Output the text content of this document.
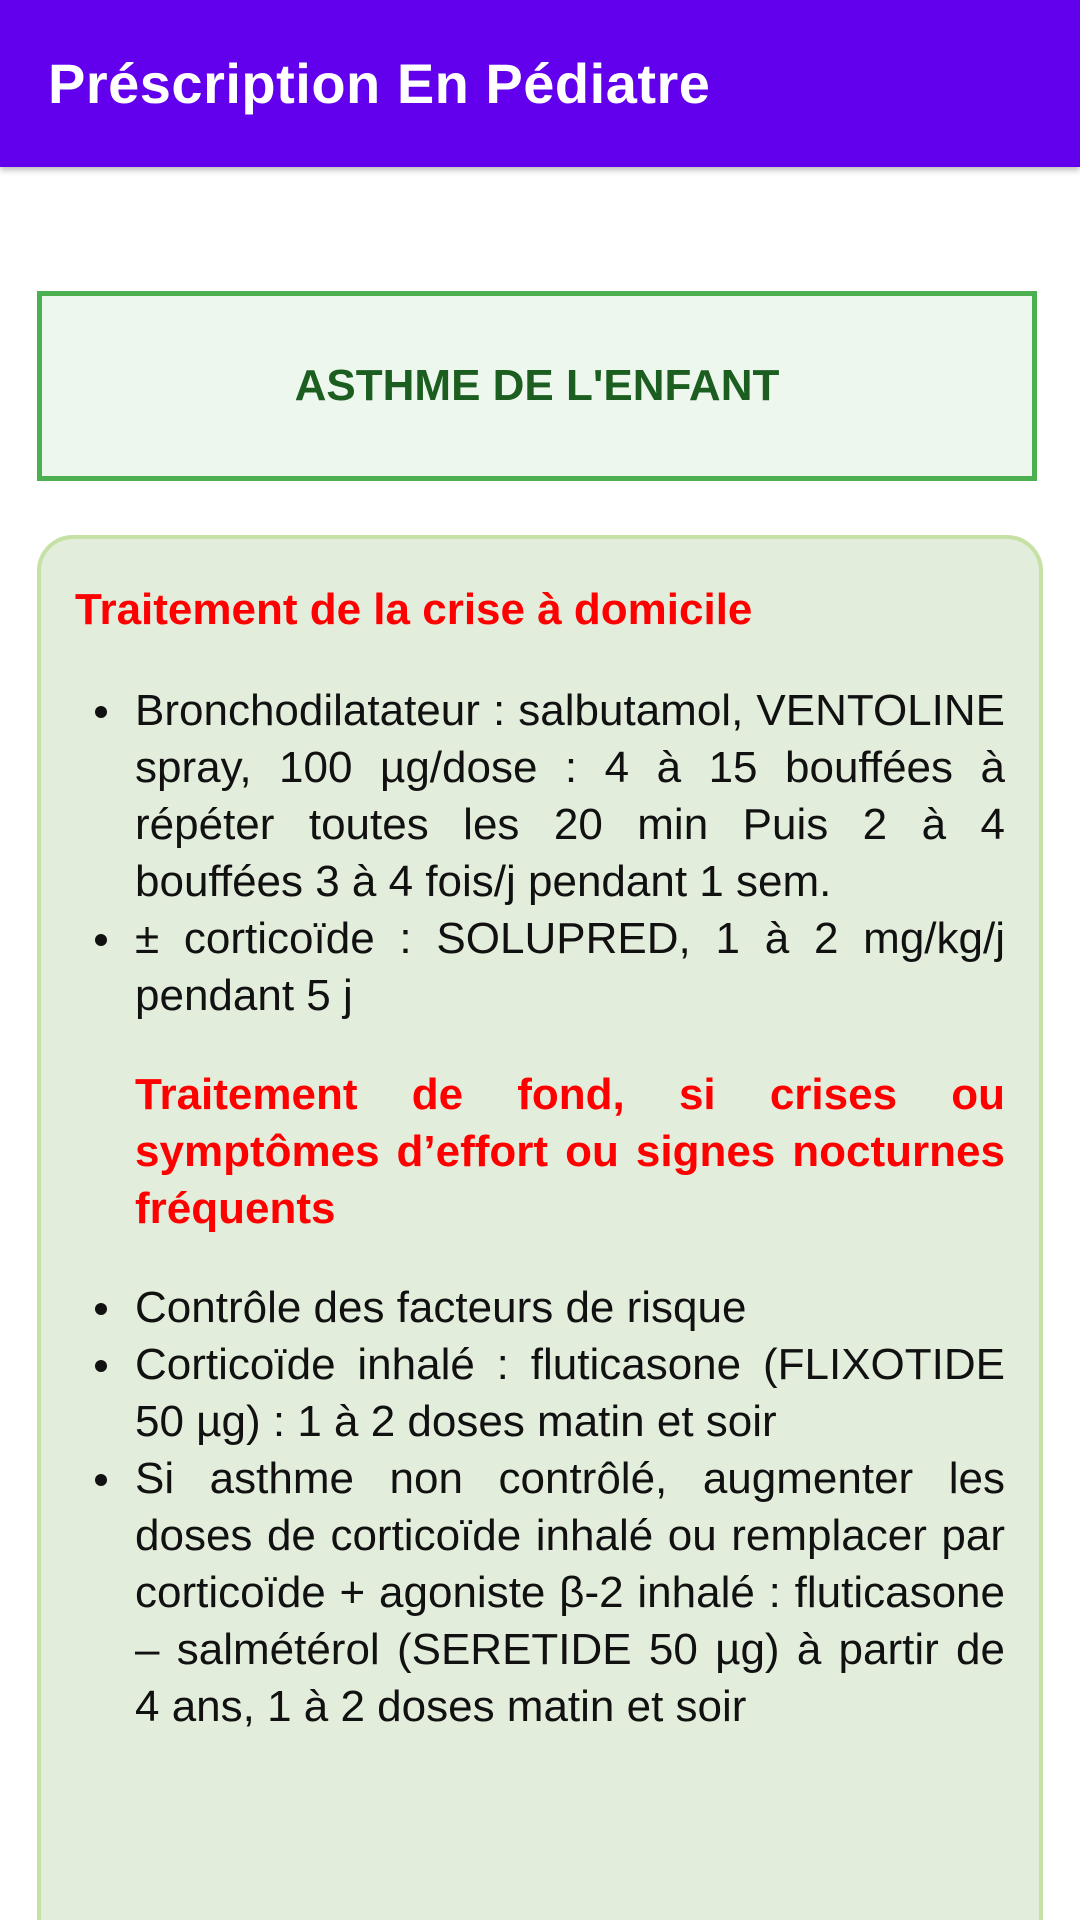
Préscription En Pédiatre
ASTHME DE L'ENFANT
Traitement de la crise à domicile
Bronchodilatateur : salbutamol, VENTOLINE spray, 100 µg/dose : 4 à 15 bouffées à répéter toutes les 20 min Puis 2 à 4 bouffées 3 à 4 fois/j pendant 1 sem.
± corticoïde : SOLUPRED, 1 à 2 mg/kg/j pendant 5 j
Traitement de fond, si crises ou symptômes d’effort ou signes nocturnes fréquents
Contrôle des facteurs de risque
Corticoïde inhalé : fluticasone (FLIXOTIDE 50 µg) : 1 à 2 doses matin et soir
Si asthme non contrôlé, augmenter les doses de corticoïde inhalé ou remplacer par corticoïde + agoniste β-2 inhalé : fluticasone – salmétérol (SERETIDE 50 µg) à partir de 4 ans, 1 à 2 doses matin et soir
